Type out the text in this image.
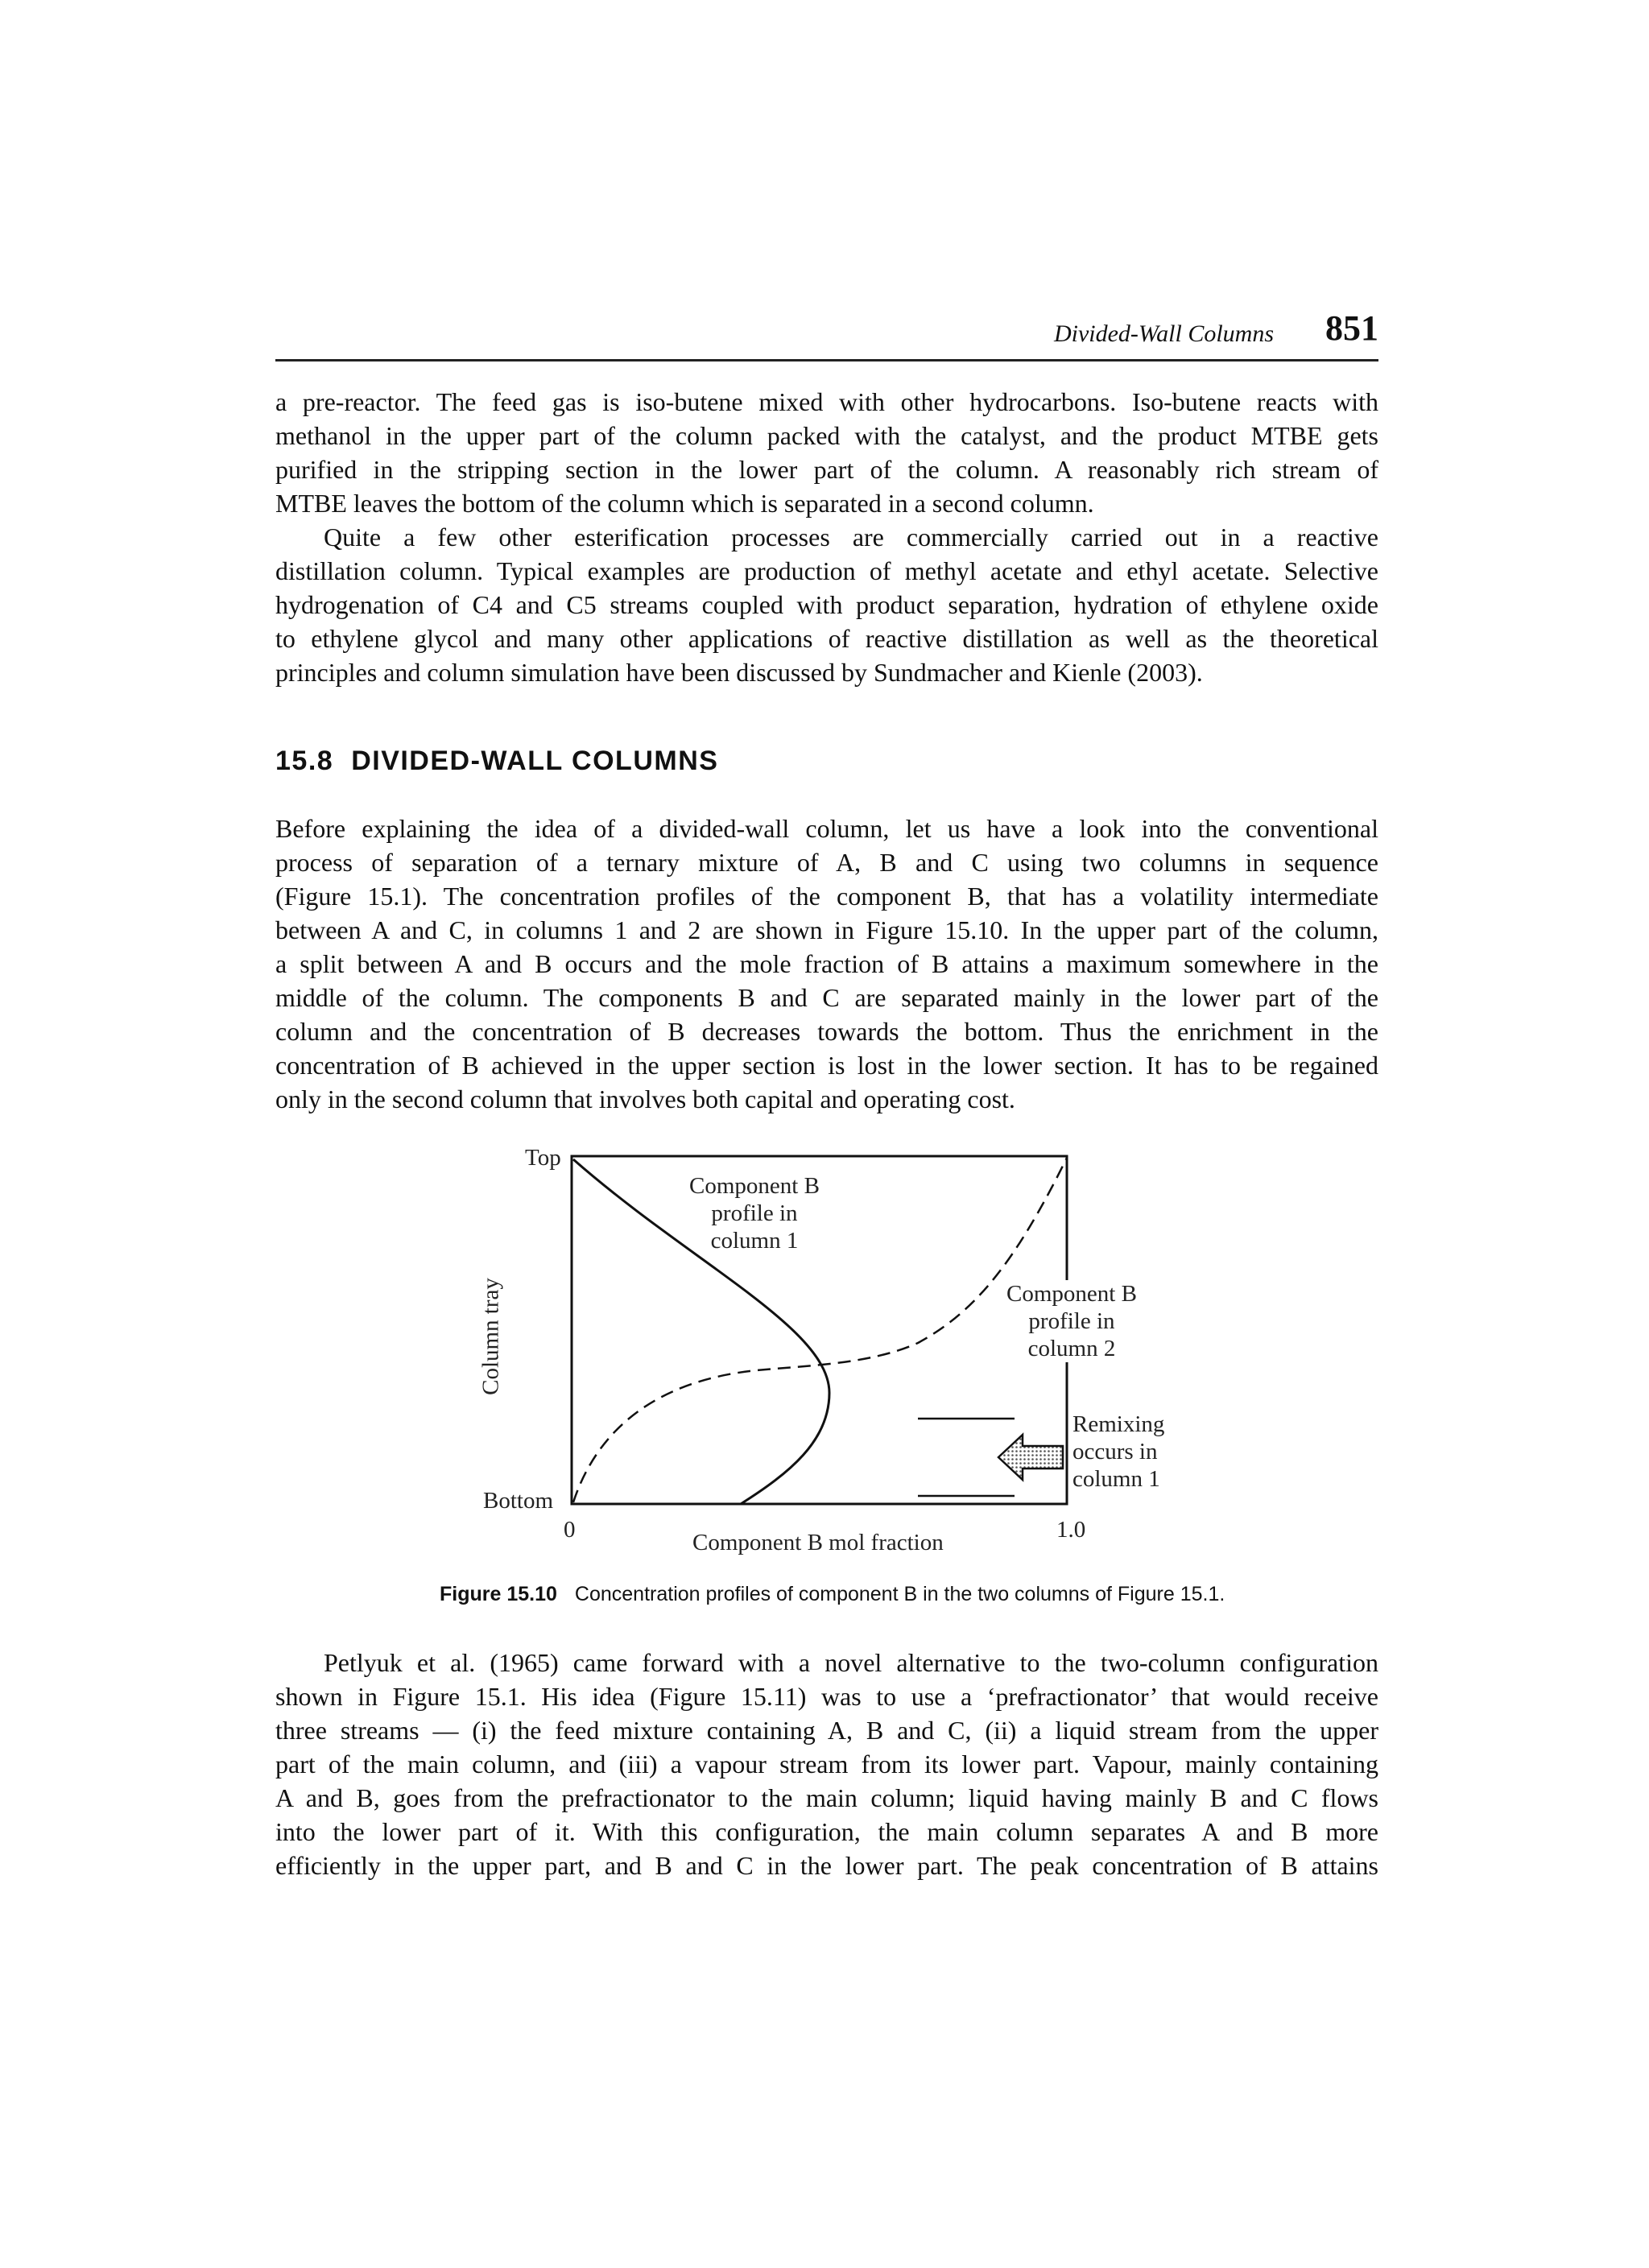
Divided-Wall Columns 851

a pre-reactor. The feed gas is iso-butene mixed with other hydrocarbons. Iso-butene reacts with
methanol in the upper part of the column packed with the catalyst, and the product MTBE gets
purified in the stripping section in the lower part of the column. A reasonably rich stream of
MTBE leaves the bottom of the column which is separated in a second column.

Quite a few other esterification processes are commercially carried out in a reactive
distillation column. Typical examples are production of methyl acetate and ethyl acetate. Selective
hydrogenation of C4 and C5 streams coupled with product separation, hydration of ethylene oxide
to ethylene glycol and many other applications of reactive distillation as well as the theoretical
principles and column simulation have been discussed by Sundmacher and Kienle (2003).

15.8 DIVIDED-WALL COLUMNS

Before explaining the idea of a divided-wall column, let us have a look into the conventional
process of separation of a ternary mixture of A, B and C using two columns in sequence
(Figure 15.1). The concentration profiles of the component B, that has a volatility intermediate
between A and C, in columns 1 and 2 are shown in Figure 15.10. In the upper part of the column,
a split between A and B occurs and the mole fraction of B attains a maximum somewhere in the
middle of the column. The components B and C are separated mainly in the lower part of the
column and the concentration of B decreases towards the bottom. Thus the enrichment in the
concentration of B achieved in the upper section is lost in the lower section. It has to be regained
only in the second column that involves both capital and operating cost.

Top
Bottom
Column tray
0	1.0
Component B mol fraction
Component B
profile in
column 1
Component B
profile in
column 2
Remixing
occurs in
column 1

Figure 15.10 Concentration profiles of component B in the two columns of Figure 15.1.

Petlyuk et al. (1965) came forward with a novel alternative to the two-column configuration
shown in Figure 15.1. His idea (Figure 15.11) was to use a ‘prefractionator’ that would receive
three streams — (i) the feed mixture containing A, B and C, (ii) a liquid stream from the upper
part of the main column, and (iii) a vapour stream from its lower part. Vapour, mainly containing
A and B, goes from the prefractionator to the main column; liquid having mainly B and C flows
into the lower part of it. With this configuration, the main column separates A and B more
efficiently in the upper part, and B and C in the lower part. The peak concentration of B attains
